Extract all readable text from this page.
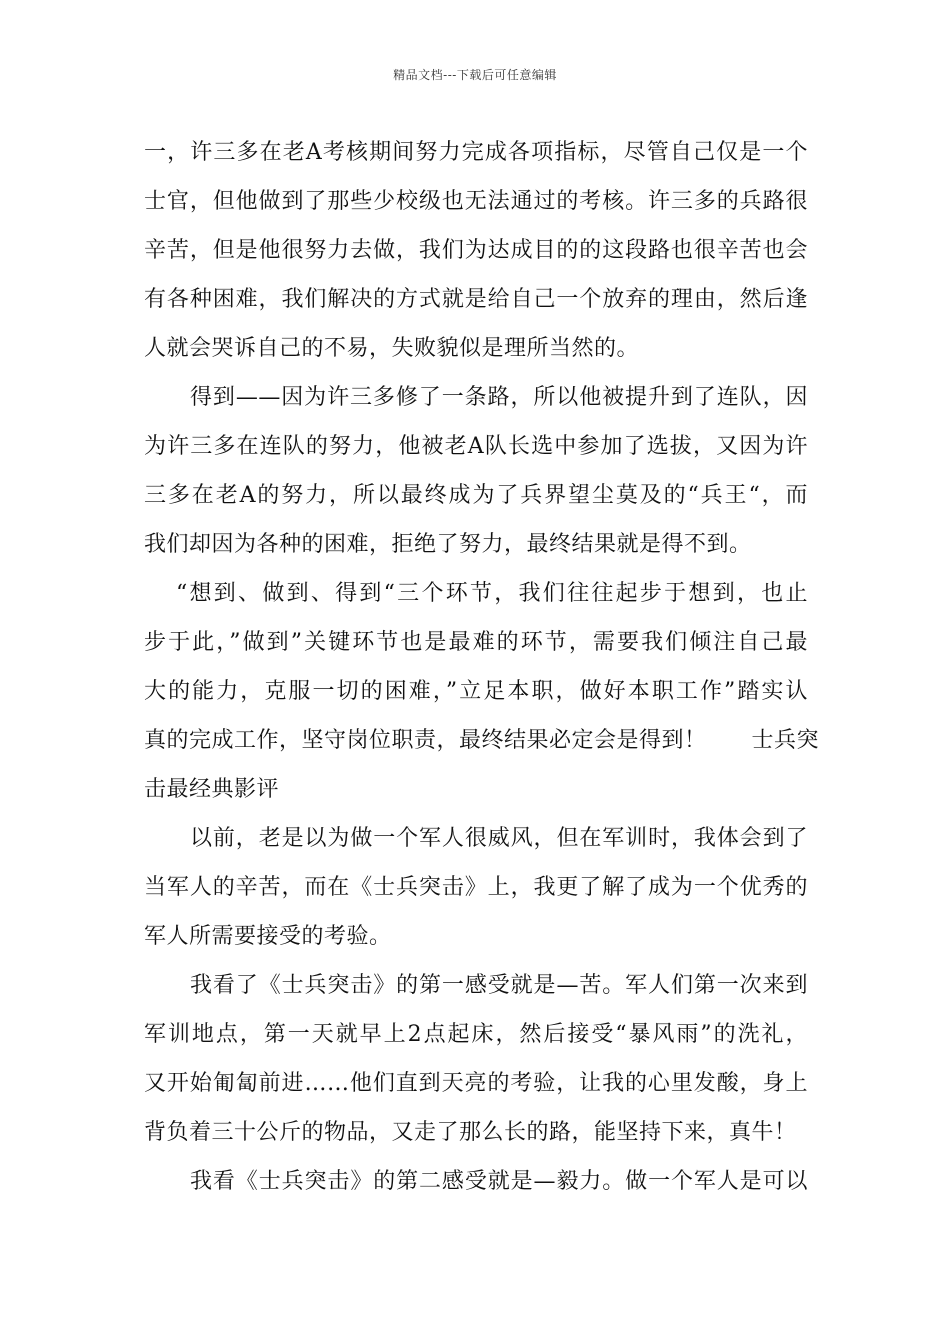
精品文档---下载后可任意编辑
一，许三多在老A考核期间努力完成各项指标，尽管自己仅是一个
士官，但他做到了那些少校级也无法通过的考核。许三多的兵路很
辛苦，但是他很努力去做，我们为达成目的的这段路也很辛苦也会
有各种困难，我们解决的方式就是给自己一个放弃的理由，然后逢
人就会哭诉自己的不易，失败貌似是理所当然的。
得到——因为许三多修了一条路，所以他被提升到了连队，因
为许三多在连队的努力，他被老A队长选中参加了选拔，又因为许
三多在老A的努力，所以最终成为了兵界望尘莫及的“兵王“，而
我们却因为各种的困难，拒绝了努力，最终结果就是得不到。
“想到、做到、得到“三个环节，我们往往起步于想到，也止
步于此，”做到”关键环节也是最难的环节，需要我们倾注自己最
大的能力，克服一切的困难，”立足本职，做好本职工作”踏实认
真的完成工作，坚守岗位职责，最终结果必定会是得到！　　士兵突
击最经典影评
以前，老是以为做一个军人很威风，但在军训时，我体会到了
当军人的辛苦，而在《士兵突击》上，我更了解了成为一个优秀的
军人所需要接受的考验。
我看了《士兵突击》的第一感受就是—苦。军人们第一次来到
军训地点，第一天就早上2点起床，然后接受“暴风雨”的洗礼，
又开始匍匐前进……他们直到天亮的考验，让我的心里发酸，身上
背负着三十公斤的物品，又走了那么长的路，能坚持下来，真牛！
我看《士兵突击》的第二感受就是—毅力。做一个军人是可以
